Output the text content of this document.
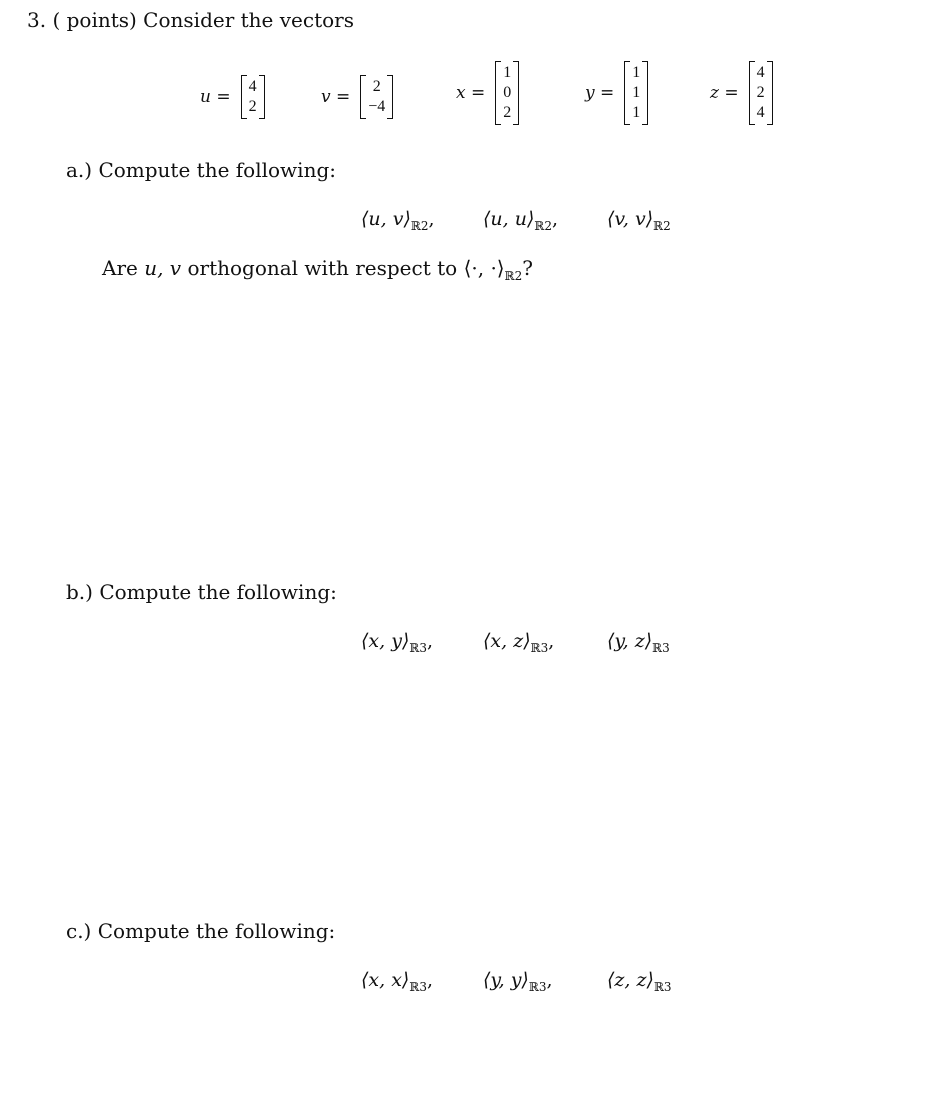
3. ( points) Consider the vectors
u =
4
2	v =
2
−4
x =
1
0
2
y =
1
1
1
z =
4
2
4
a.) Compute the following:
⟨u, $v⟩_{ℝ2}$,	⟨u, $u⟩_{ℝ2}$,	⟨v, $v⟩_{ℝ2}$
Are u, v orthogonal with respect to ⟨·, $\cdot⟩_{ℝ2}$?
b.) Compute the following:
⟨x, $y⟩_{ℝ3}$,	⟨x, $z⟩_{ℝ3}$,	⟨y, $z⟩_{ℝ3}$
c.) Compute the following:
⟨x, $x⟩_{ℝ3}$,	⟨y, $y⟩_{ℝ3}$,	⟨z, $z⟩_{ℝ3}$
